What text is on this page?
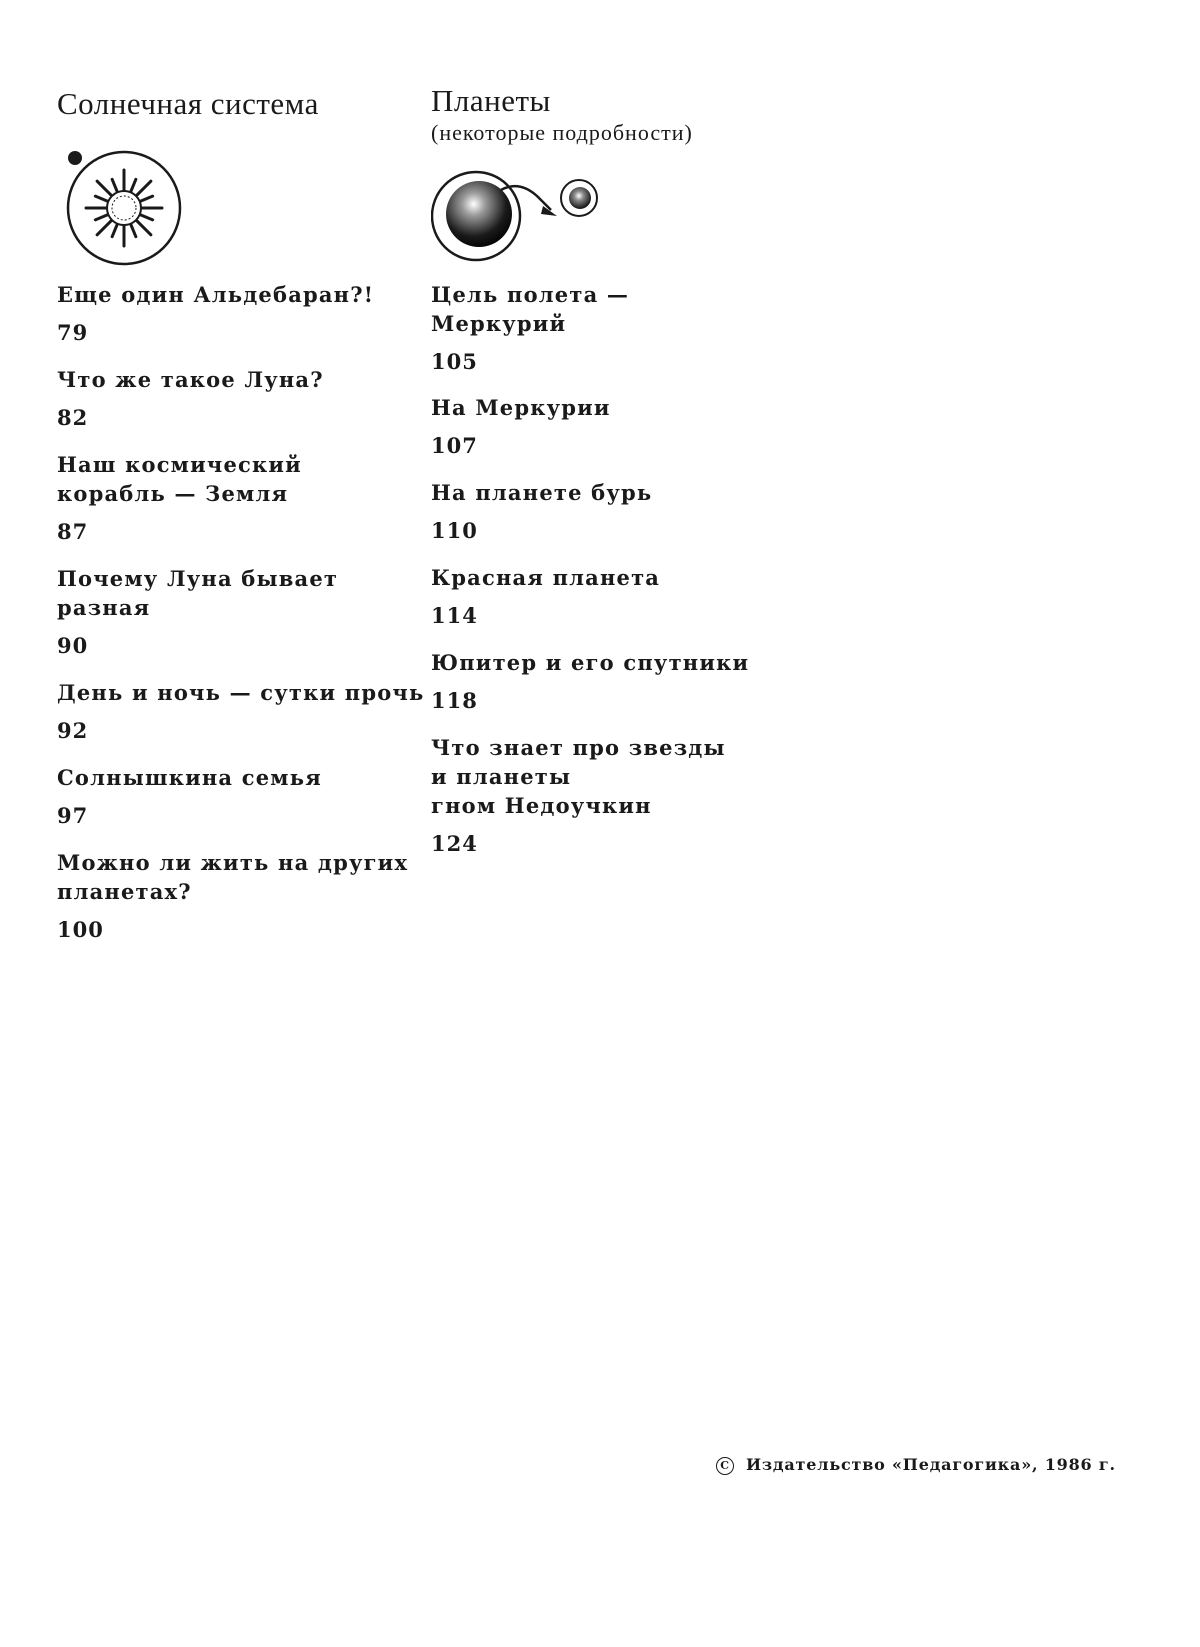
Солнечная система
Еще один Альдебаран?!
79
Что же такое Луна?
82
Наш космический
корабль — Земля
87
Почему Луна бывает
разная
90
День и ночь — сутки прочь
92
Солнышкина семья
97
Можно ли жить на других
планетах?
100
Планеты
(некоторые подробности)
Цель полета —
Меркурий
105
На Меркурии
107
На планете бурь
110
Красная планета
114
Юпитер и его спутники
118
Что знает про звезды
и планеты
гном Недоучкин
124
C Издательство «Педагогика», 1986 г.
